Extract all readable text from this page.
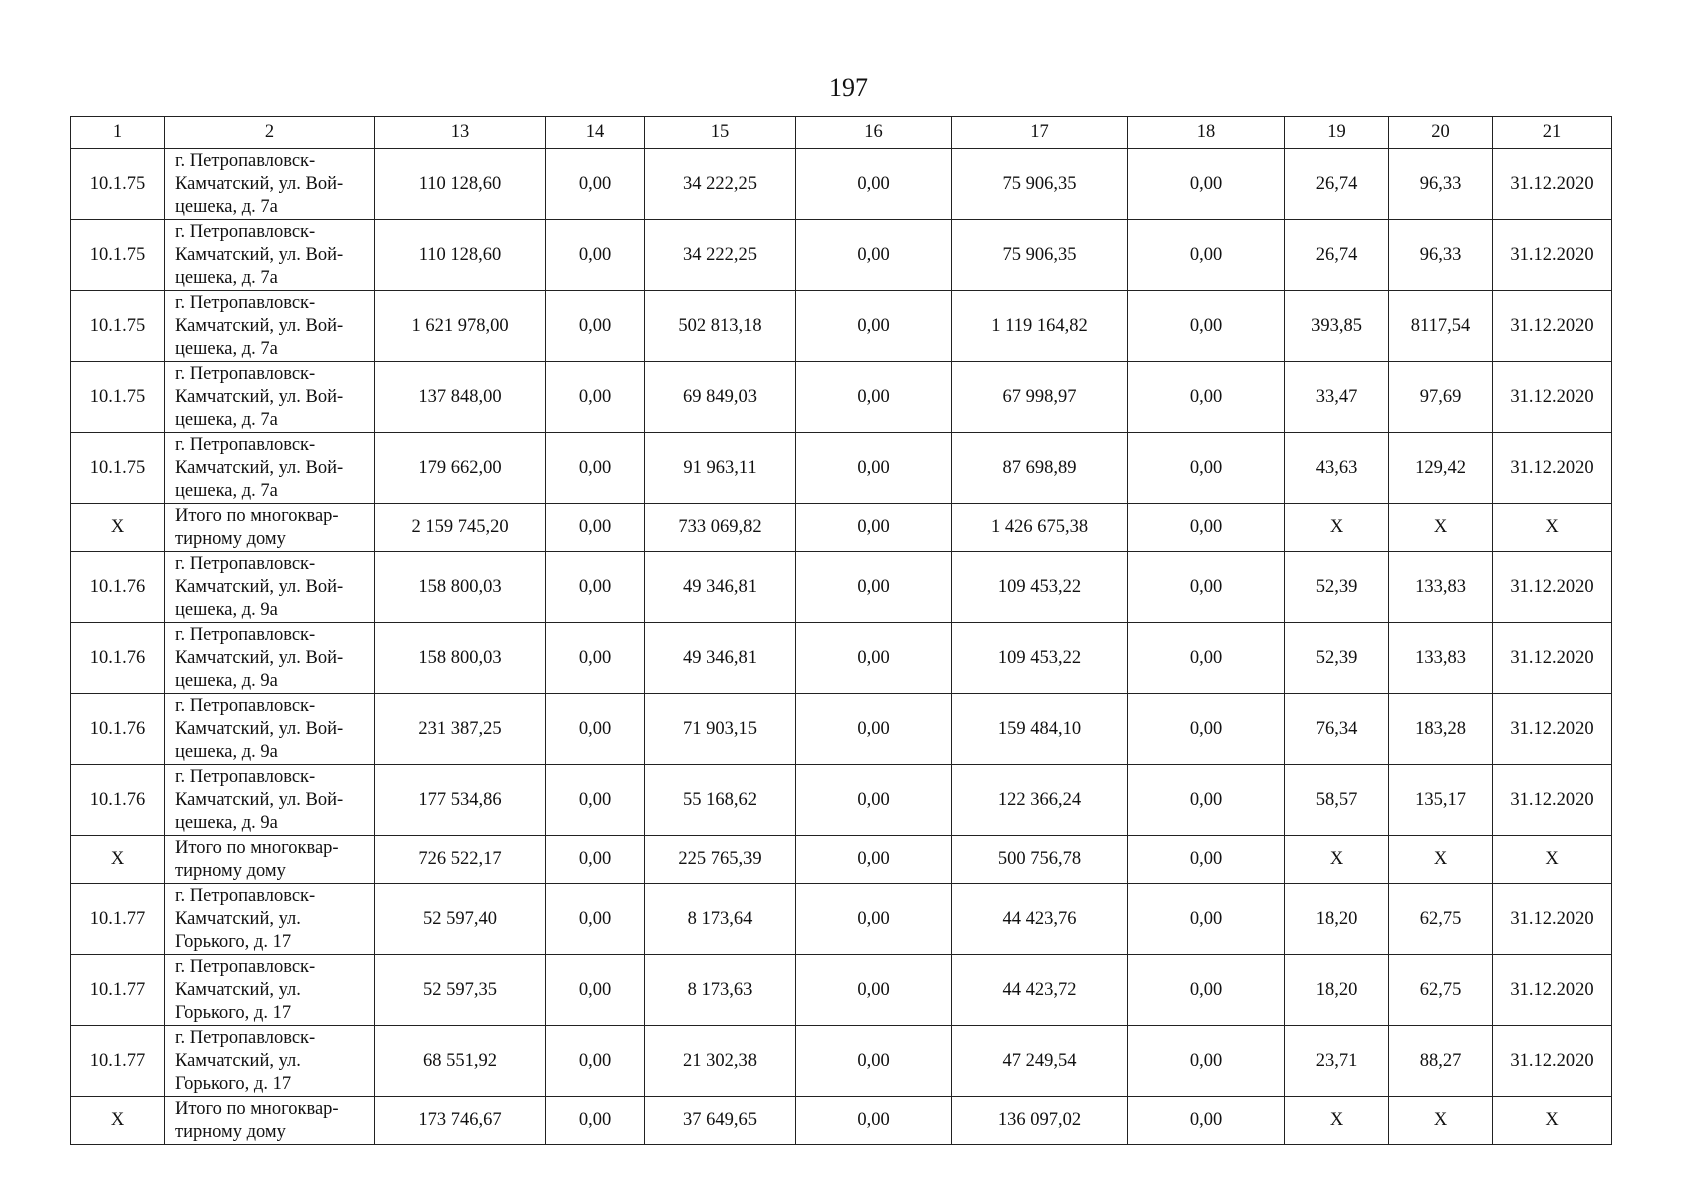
197
1	2	13	14	15	16	17	18	19	20	21
10.1.75	г. Петропавловск-
Камчатский, ул. Вой-
цешека, д. 7а	110 128,60	0,00	34 222,25	0,00	75 906,35	0,00	26,74	96,33	31.12.2020
10.1.75	г. Петропавловск-
Камчатский, ул. Вой-
цешека, д. 7а	110 128,60	0,00	34 222,25	0,00	75 906,35	0,00	26,74	96,33	31.12.2020
10.1.75	г. Петропавловск-
Камчатский, ул. Вой-
цешека, д. 7а	1 621 978,00	0,00	502 813,18	0,00	1 119 164,82	0,00	393,85	8117,54	31.12.2020
10.1.75	г. Петропавловск-
Камчатский, ул. Вой-
цешека, д. 7а	137 848,00	0,00	69 849,03	0,00	67 998,97	0,00	33,47	97,69	31.12.2020
10.1.75	г. Петропавловск-
Камчатский, ул. Вой-
цешека, д. 7а	179 662,00	0,00	91 963,11	0,00	87 698,89	0,00	43,63	129,42	31.12.2020
X	Итого по многоквар-
тирному дому	2 159 745,20	0,00	733 069,82	0,00	1 426 675,38	0,00	X	X	X
10.1.76	г. Петропавловск-
Камчатский, ул. Вой-
цешека, д. 9а	158 800,03	0,00	49 346,81	0,00	109 453,22	0,00	52,39	133,83	31.12.2020
10.1.76	г. Петропавловск-
Камчатский, ул. Вой-
цешека, д. 9а	158 800,03	0,00	49 346,81	0,00	109 453,22	0,00	52,39	133,83	31.12.2020
10.1.76	г. Петропавловск-
Камчатский, ул. Вой-
цешека, д. 9а	231 387,25	0,00	71 903,15	0,00	159 484,10	0,00	76,34	183,28	31.12.2020
10.1.76	г. Петропавловск-
Камчатский, ул. Вой-
цешека, д. 9а	177 534,86	0,00	55 168,62	0,00	122 366,24	0,00	58,57	135,17	31.12.2020
X	Итого по многоквар-
тирному дому	726 522,17	0,00	225 765,39	0,00	500 756,78	0,00	X	X	X
10.1.77	г. Петропавловск-
Камчатский, ул.
Горького, д. 17	52 597,40	0,00	8 173,64	0,00	44 423,76	0,00	18,20	62,75	31.12.2020
10.1.77	г. Петропавловск-
Камчатский, ул.
Горького, д. 17	52 597,35	0,00	8 173,63	0,00	44 423,72	0,00	18,20	62,75	31.12.2020
10.1.77	г. Петропавловск-
Камчатский, ул.
Горького, д. 17	68 551,92	0,00	21 302,38	0,00	47 249,54	0,00	23,71	88,27	31.12.2020
X	Итого по многоквар-
тирному дому	173 746,67	0,00	37 649,65	0,00	136 097,02	0,00	X	X	X
